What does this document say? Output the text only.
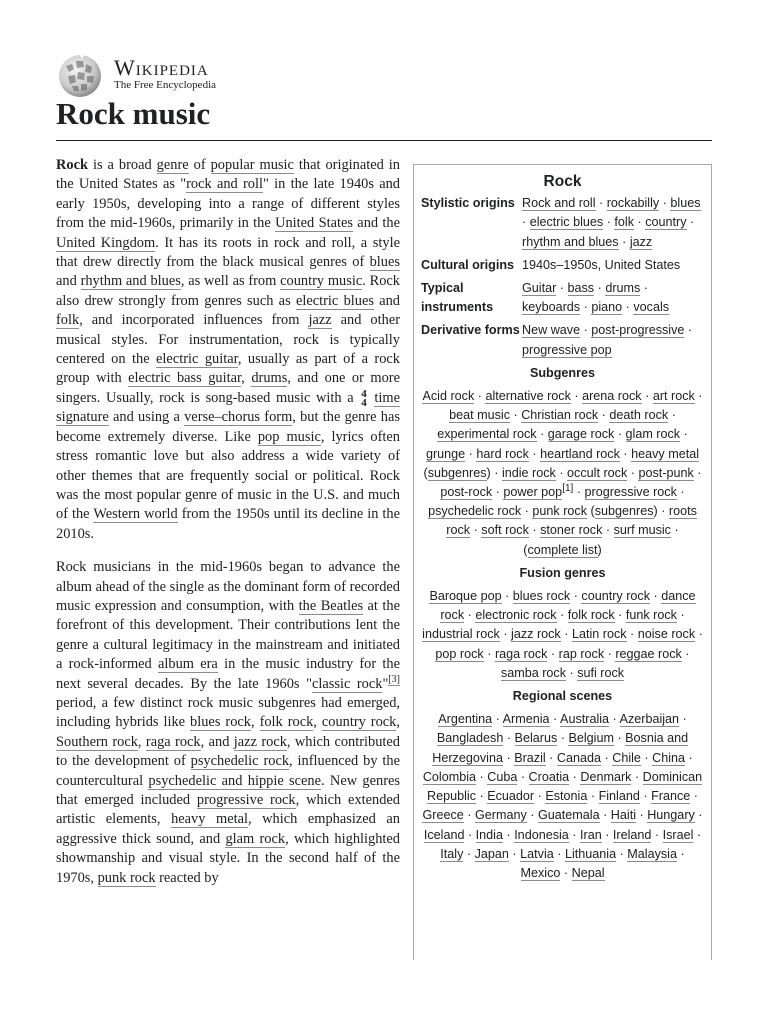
Wikipedia
The Free Encyclopedia
Rock music

Rock is a broad genre of popular music that originated in the United States as "rock and roll" in the late 1940s and early 1950s, developing into a range of different styles from the mid-1960s, primarily in the United States and the United Kingdom. It has its roots in rock and roll, a style that drew directly from the black musical genres of blues and rhythm and blues, as well as from country music. Rock also drew strongly from genres such as electric blues and folk, and incorporated influences from jazz and other musical styles. For instrumentation, rock is typically centered on the electric guitar, usually as part of a rock group with electric bass guitar, drums, and one or more singers. Usually, rock is song-based music with a 4
4 time signature and using a verse–chorus form, but the genre has become extremely diverse. Like pop music, lyrics often stress romantic love but also address a wide variety of other themes that are frequently social or political. Rock was the most popular genre of music in the U.S. and much of the Western world from the 1950s until its decline in the 2010s.

Rock musicians in the mid-1960s began to advance the album ahead of the single as the dominant form of recorded music expression and consumption, with the Beatles at the forefront of this development. Their contributions lent the genre a cultural legitimacy in the mainstream and initiated a rock-informed album era in the music industry for the next several decades. By the late 1960s "classic rock"[3] period, a few distinct rock music subgenres had emerged, including hybrids like blues rock, folk rock, country rock, Southern rock, raga rock, and jazz rock, which contributed to the development of psychedelic rock, influenced by the countercultural psychedelic and hippie scene. New genres that emerged included progressive rock, which extended artistic elements, heavy metal, which emphasized an aggressive thick sound, and glam rock, which highlighted showmanship and visual style. In the second half of the 1970s, punk rock reacted by

Rock
Stylistic origins Rock and roll · rockabilly · blues · electric blues · folk · country · rhythm and blues · jazz
Cultural origins 1940s–1950s, United States
Typical instruments
Guitar · bass · drums · keyboards · piano · vocals
Derivative forms New wave · post-progressive · progressive pop
Subgenres
Acid rock · alternative rock · arena rock · art rock · beat music · Christian rock · death rock · experimental rock · garage rock · glam rock · grunge · hard rock · heartland rock · heavy metal (subgenres) · indie rock · occult rock · post-punk · post-rock · power pop[1] · progressive rock · psychedelic rock · punk rock (subgenres) · roots rock · soft rock · stoner rock · surf music · (complete list)
Fusion genres
Baroque pop · blues rock · country rock · dance rock · electronic rock · folk rock · funk rock · industrial rock · jazz rock · Latin rock · noise rock · pop rock · raga rock · rap rock · reggae rock · samba rock · sufi rock
Regional scenes
Argentina · Armenia · Australia · Azerbaijan · Bangladesh · Belarus · Belgium · Bosnia and Herzegovina · Brazil · Canada · Chile · China · Colombia · Cuba · Croatia · Denmark · Dominican Republic · Ecuador · Estonia · Finland · France · Greece · Germany · Guatemala · Haiti · Hungary · Iceland · India · Indonesia · Iran · Ireland · Israel · Italy · Japan · Latvia · Lithuania · Malaysia · Mexico · Nepal
